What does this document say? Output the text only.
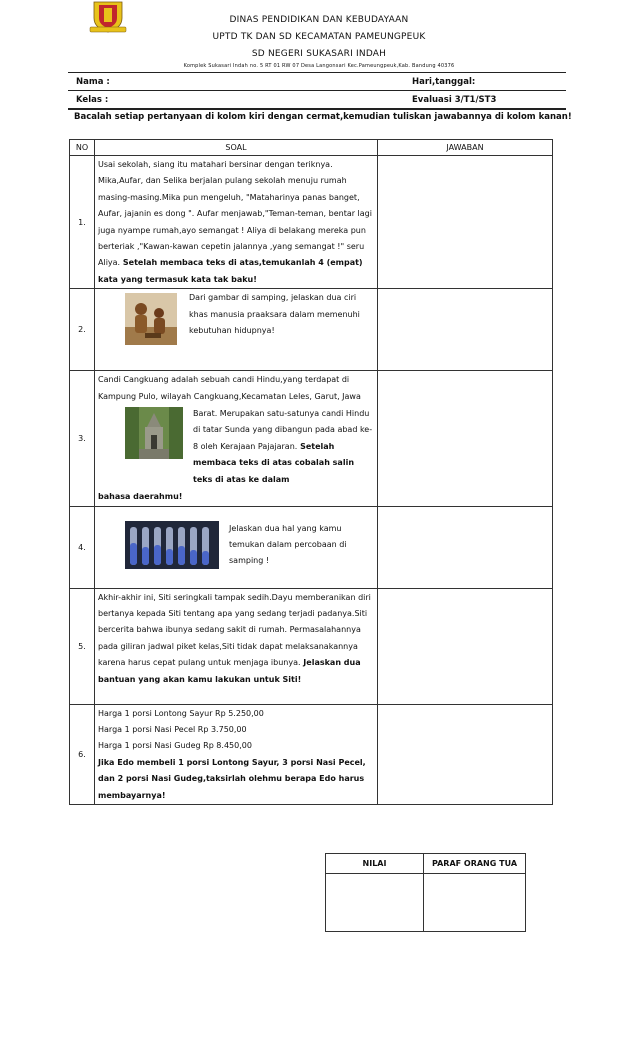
DINAS PENDIDIKAN DAN KEBUDAYAAN
UPTD TK DAN SD KECAMATAN PAMEUNGPEUK
SD NEGERI SUKASARI INDAH
Komplek Sukasari Indah no. 5 RT 01 RW 07 Desa Langonsari Kec.Pameungpeuk,Kab. Bandung 40376
Nama :	Hari,tanggal:
Kelas :	Evaluasi 3/T1/ST3
Bacalah setiap pertanyaan di kolom kiri dengan cermat,kemudian tuliskan jawabannya di kolom kanan!
NO	SOAL	JAWABAN
1.	Usai sekolah, siang itu matahari bersinar dengan teriknya. Mika,Aufar, dan Selika berjalan pulang sekolah menuju rumah masing-masing.Mika pun mengeluh, "Mataharinya panas banget, Aufar, jajanin es dong ". Aufar menjawab,"Teman-teman, bentar lagi juga nyampe rumah,ayo semangat ! Aliya di belakang mereka pun berteriak ,"Kawan-kawan cepetin jalannya ,yang semangat !" seru Aliya. Setelah membaca teks di atas,temukanlah 4 (empat) kata yang termasuk kata tak baku!	

2.	Dari gambar di samping, jelaskan dua ciri khas manusia praaksara dalam memenuhi kebutuhan hidupnya!	

3.	Candi Cangkuang adalah sebuah candi Hindu,yang terdapat di Kampung Pulo, wilayah Cangkuang,Kecamatan Leles, Garut, Jawa
Barat. Merupakan satu-satunya candi Hindu di tatar Sunda yang dibangun pada abad ke-8 oleh Kerajaan Pajajaran. Setelah membaca teks di atas cobalah salin teks di atas ke dalam
bahasa daerahmu!	

4.	Jelaskan dua hal yang kamu temukan dalam percobaan di samping !	

5.	Akhir-akhir ini, Siti seringkali tampak sedih.Dayu memberanikan diri bertanya kepada Siti tentang apa yang sedang terjadi padanya.Siti bercerita bahwa ibunya sedang sakit di rumah. Permasalahannya pada giliran jadwal piket kelas,Siti tidak dapat melaksanakannya karena harus cepat pulang untuk menjaga ibunya. Jelaskan dua bantuan yang akan kamu lakukan untuk Siti!	

6.	Harga 1 porsi Lontong Sayur Rp 5.250,00

Harga 1 porsi Nasi Pecel Rp 3.750,00

Harga 1 porsi Nasi Gudeg Rp 8.450,00

Jika Edo membeli 1 porsi Lontong Sayur, 3 porsi Nasi Pecel, dan 2 porsi Nasi Gudeg,taksirlah olehmu berapa Edo harus membayarnya!	

NILAI	PARAF ORANG TUA
